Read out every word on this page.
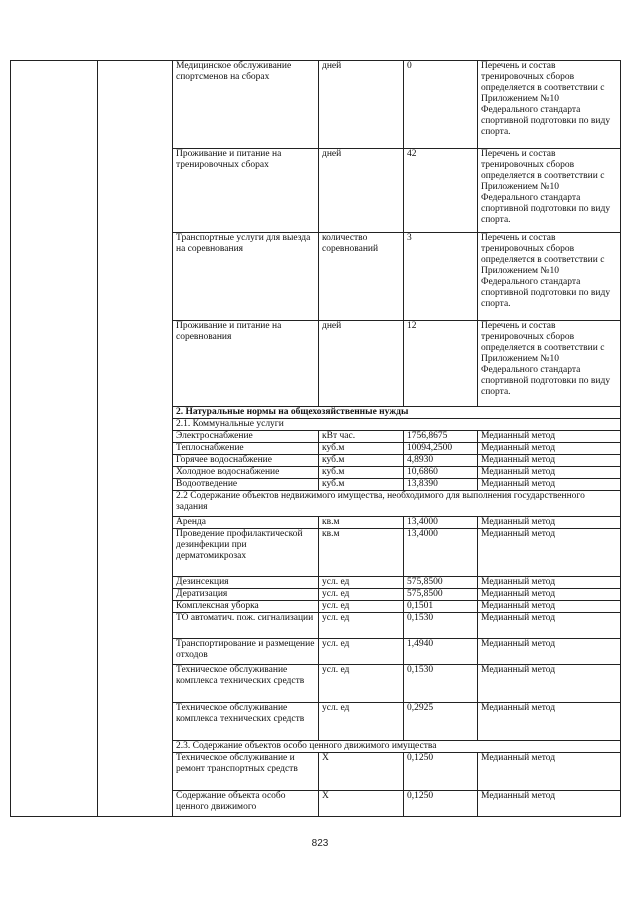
		Медицинское обслуживание спортсменов на сборах	дней	0	Перечень и состав тренировочных сборов определяется в соответствии с Приложением №10 Федерального стандарта спортивной подготовки по виду спорта.
		Проживание и питание на тренировочных сборах	дней	42	Перечень и состав тренировочных сборов определяется в соответствии с Приложением №10 Федерального стандарта спортивной подготовки по виду спорта.
		Транспортные услуги для выезда на соревнования	количество соревнований	3	Перечень и состав тренировочных сборов определяется в соответствии с Приложением №10 Федерального стандарта спортивной подготовки по виду спорта.
		Проживание и питание на соревнования	дней	12	Перечень и состав тренировочных сборов определяется в соответствии с Приложением №10 Федерального стандарта спортивной подготовки по виду спорта.
		2. Натуральные нормы на общехозяйственные нужды			
		2.1. Коммунальные услуги			
		Электроснабжение	кВт час.	1756,8675	Медианный метод
		Теплоснабжение	куб.м	10094,2500	Медианный метод
		Горячее водоснабжение	куб.м	4,8930	Медианный метод
		Холодное водоснабжение	куб.м	10,6860	Медианный метод
		Водоотведение	куб.м	13,8390	Медианный метод
		2.2 Содержание объектов недвижимого имущества, необходимого для выполнения государственного задания			
		Аренда	кв.м	13,4000	Медианный метод
		Проведение профилактической дезинфекции при дерматомикрозах	кв.м	13,4000	Медианный метод
		Дезинсекция	усл. ед	575,8500	Медианный метод
		Дератизация	усл. ед	575,8500	Медианный метод
		Комплексная уборка	усл. ед	0,1501	Медианный метод
		ТО автоматич. пож. сигнализации	усл. ед	0,1530	Медианный метод
		Транспортирование и размещение отходов	усл. ед	1,4940	Медианный метод
		Техническое обслуживание комплекса технических средств	усл. ед	0,1530	Медианный метод
		Техническое обслуживание комплекса технических средств	усл. ед	0,2925	Медианный метод
		2.3. Содержание объектов особо ценного движимого имущества			
		Техническое обслуживание и ремонт транспортных средств	Х	0,1250	Медианный метод
		Содержание объекта особо ценного движимого	Х	0,1250	Медианный метод
823
